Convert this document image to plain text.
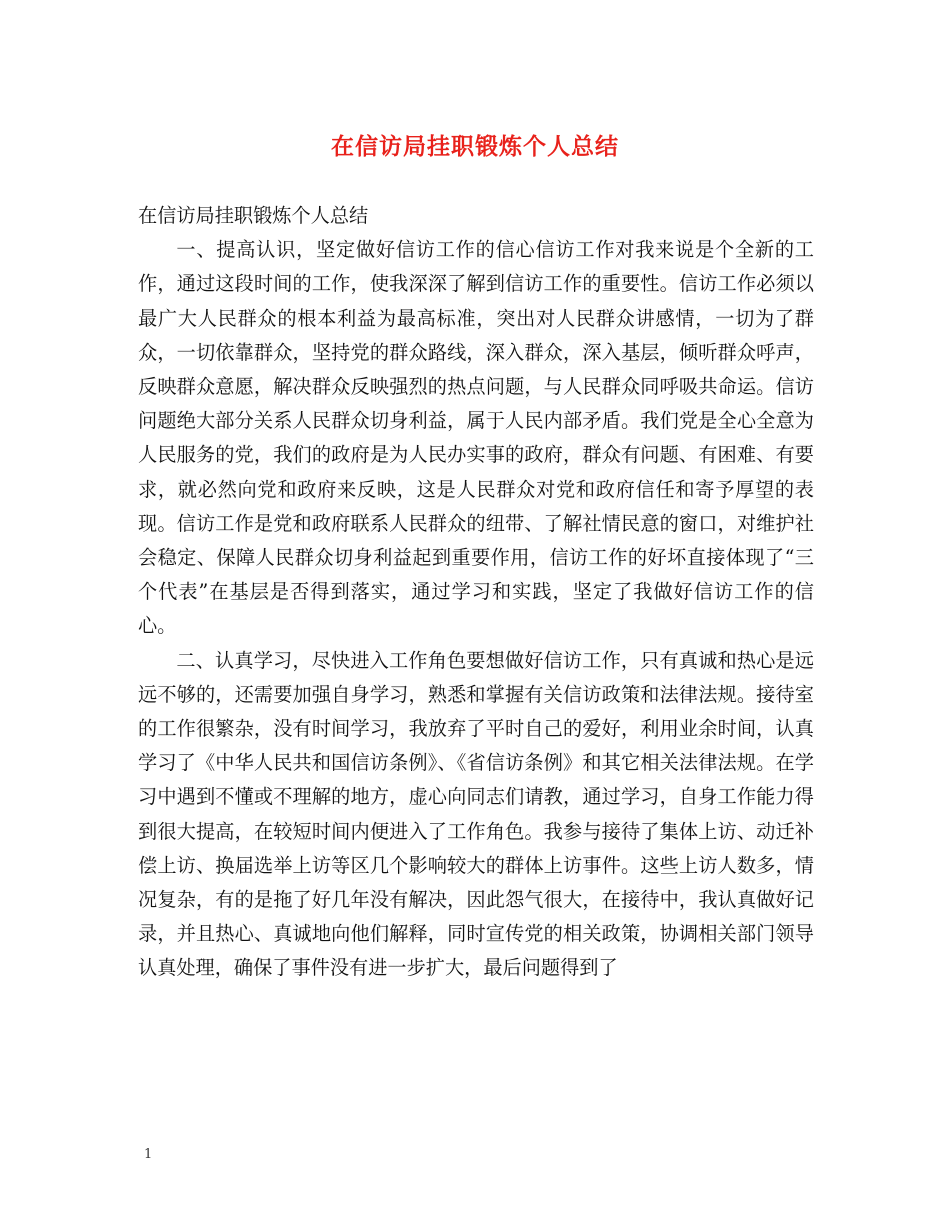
在信访局挂职锻炼个人总结

在信访局挂职锻炼个人总结

一、提高认识，坚定做好信访工作的信心信访工作对我来说是个全新的工作，通过这段时间的工作，使我深深了解到信访工作的重要性。信访工作必须以最广大人民群众的根本利益为最高标准，突出对人民群众讲感情，一切为了群众，一切依靠群众，坚持党的群众路线，深入群众，深入基层，倾听群众呼声，反映群众意愿，解决群众反映强烈的热点问题，与人民群众同呼吸共命运。信访问题绝大部分关系人民群众切身利益，属于人民内部矛盾。我们党是全心全意为人民服务的党，我们的政府是为人民办实事的政府，群众有问题、有困难、有要求，就必然向党和政府来反映，这是人民群众对党和政府信任和寄予厚望的表现。信访工作是党和政府联系人民群众的纽带、了解社情民意的窗口，对维护社会稳定、保障人民群众切身利益起到重要作用，信访工作的好坏直接体现了“三个代表”在基层是否得到落实，通过学习和实践，坚定了我做好信访工作的信心。

二、认真学习，尽快进入工作角色要想做好信访工作，只有真诚和热心是远远不够的，还需要加强自身学习，熟悉和掌握有关信访政策和法律法规。接待室的工作很繁杂，没有时间学习，我放弃了平时自己的爱好，利用业余时间，认真学习了《中华人民共和国信访条例》、《省信访条例》和其它相关法律法规。在学习中遇到不懂或不理解的地方，虚心向同志们请教，通过学习，自身工作能力得到很大提高，在较短时间内便进入了工作角色。我参与接待了集体上访、动迁补偿上访、换届选举上访等区几个影响较大的群体上访事件。这些上访人数多，情况复杂，有的是拖了好几年没有解决，因此怨气很大，在接待中，我认真做好记录，并且热心、真诚地向他们解释，同时宣传党的相关政策，协调相关部门领导认真处理，确保了事件没有进一步扩大，最后问题得到了

1
